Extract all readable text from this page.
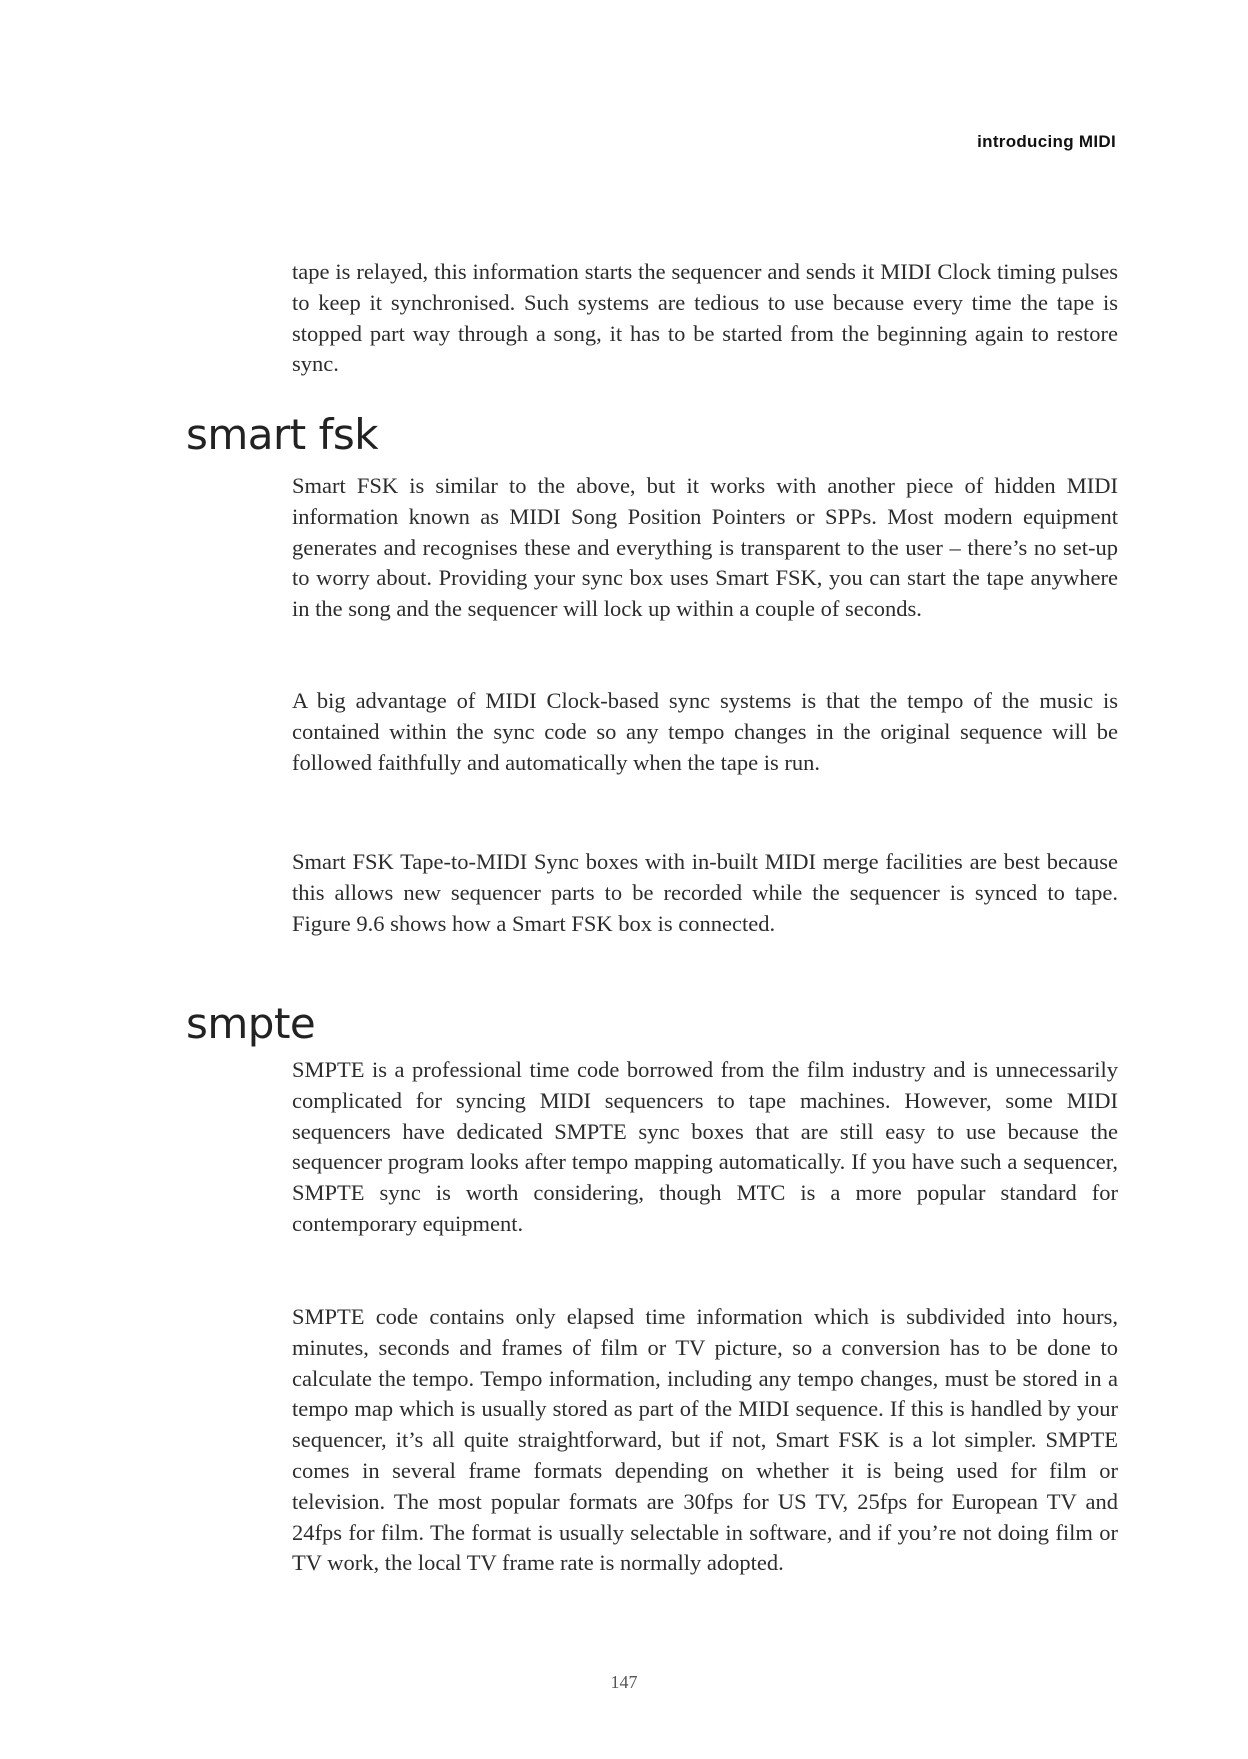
introducing MIDI

tape is relayed, this information starts the sequencer and sends it MIDI Clock timing pulses to keep it synchronised. Such systems are tedious to use because every time the tape is stopped part way through a song, it has to be started from the beginning again to restore sync.

smart fsk

Smart FSK is similar to the above, but it works with another piece of hidden MIDI information known as MIDI Song Position Pointers or SPPs. Most modern equipment generates and recognises these and everything is transparent to the user – there’s no set-up to worry about. Providing your sync box uses Smart FSK, you can start the tape anywhere in the song and the sequencer will lock up within a couple of seconds.

A big advantage of MIDI Clock-based sync systems is that the tempo of the music is contained within the sync code so any tempo changes in the original sequence will be followed faithfully and automatically when the tape is run.

Smart FSK Tape-to-MIDI Sync boxes with in-built MIDI merge facilities are best because this allows new sequencer parts to be recorded while the sequencer is synced to tape. Figure 9.6 shows how a Smart FSK box is connected.

smpte

SMPTE is a professional time code borrowed from the film industry and is unnecessarily complicated for syncing MIDI sequencers to tape machines. However, some MIDI sequencers have dedicated SMPTE sync boxes that are still easy to use because the sequencer program looks after tempo mapping automatically. If you have such a sequencer, SMPTE sync is worth considering, though MTC is a more popular standard for contemporary equipment.

SMPTE code contains only elapsed time information which is subdivided into hours, minutes, seconds and frames of film or TV picture, so a conversion has to be done to calculate the tempo. Tempo information, including any tempo changes, must be stored in a tempo map which is usually stored as part of the MIDI sequence. If this is handled by your sequencer, it’s all quite straightforward, but if not, Smart FSK is a lot simpler. SMPTE comes in several frame formats depending on whether it is being used for film or television. The most popular formats are 30fps for US TV, 25fps for European TV and 24fps for film. The format is usually selectable in software, and if you’re not doing film or TV work, the local TV frame rate is normally adopted.

147
